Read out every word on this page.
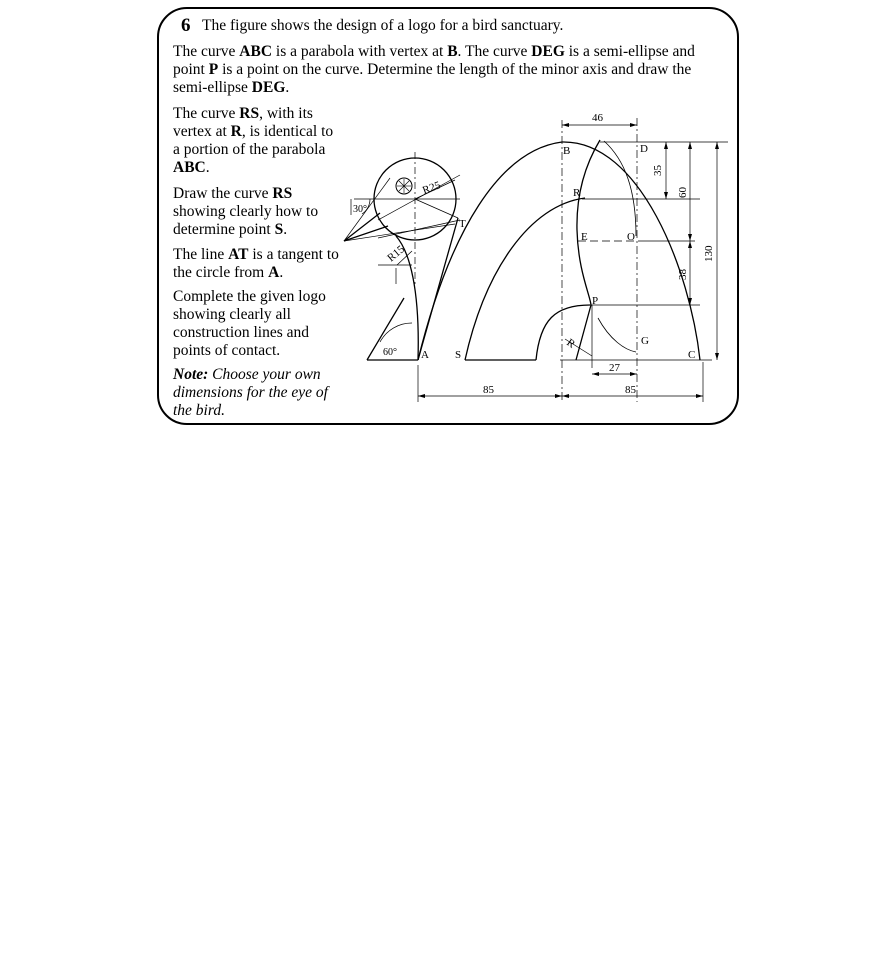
6 The figure shows the design of a logo for a bird sanctuary.
The curve ABC is a parabola with vertex at B. The curve DEG is a semi-ellipse and point P is a point on the curve. Determine the length of the minor axis and draw the semi-ellipse DEG.
The curve RS, with its vertex at R, is identical to a portion of the parabola ABC.
Draw the curve RS showing clearly how to determine point S.
The line AT is a tangent to the circle from A.
Complete the given logo showing clearly all construction lines and points of contact.
Note: Choose your own dimensions for the eye of the bird.
A
B
C
D
E
G
O
P
R
S
T
46
27
85	85
35
60
38
130
R25
R15
R
30°
60°
